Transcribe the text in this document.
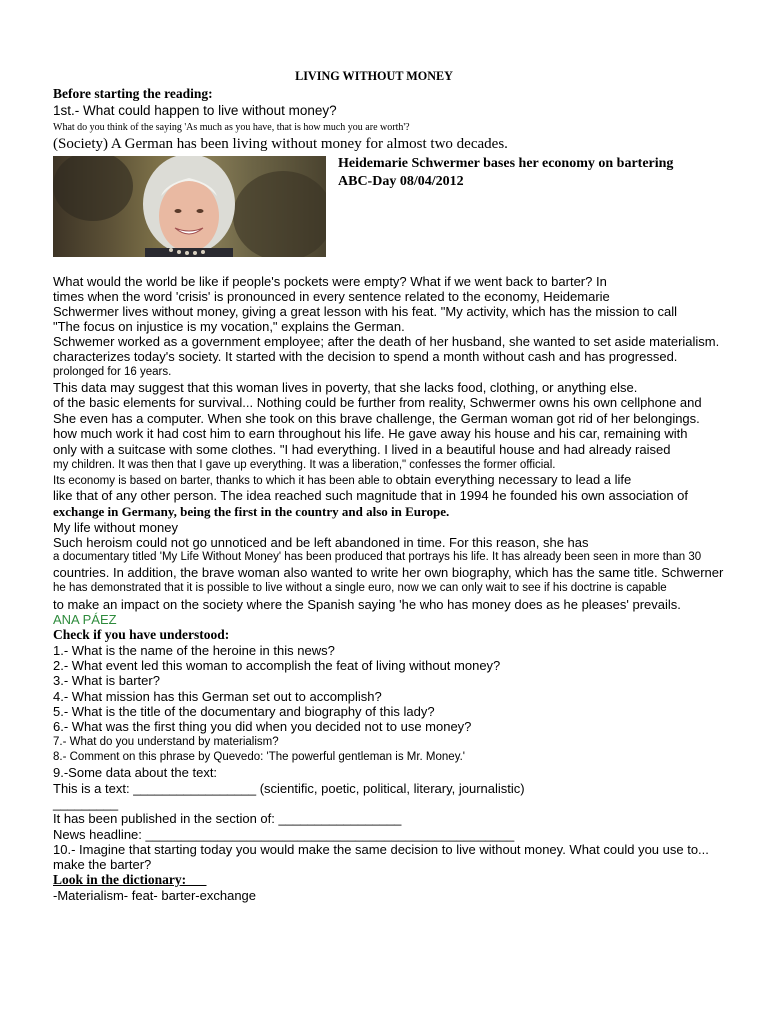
LIVING WITHOUT MONEY
Before starting the reading:
1st.- What could happen to live without money?
What do you think of the saying 'As much as you have, that is how much you are worth'?
(Society) A German has been living without money for almost two decades.
Heidemarie Schwermer bases her economy on bartering
ABC-Day 08/04/2012
What would the world be like if people's pockets were empty? What if we went back to barter? In
times when the word 'crisis' is pronounced in every sentence related to the economy, Heidemarie
Schwermer lives without money, giving a great lesson with his feat. "My activity, which has the mission to call
"The focus on injustice is my vocation," explains the German.
Schwemer worked as a government employee; after the death of her husband, she wanted to set aside materialism.
characterizes today's society. It started with the decision to spend a month without cash and has progressed.
prolonged for 16 years.
This data may suggest that this woman lives in poverty, that she lacks food, clothing, or anything else.
of the basic elements for survival... Nothing could be further from reality, Schwermer owns his own cellphone and
She even has a computer. When she took on this brave challenge, the German woman got rid of her belongings.
how much work it had cost him to earn throughout his life. He gave away his house and his car, remaining with
only with a suitcase with some clothes. "I had everything. I lived in a beautiful house and had already raised
my children. It was then that I gave up everything. It was a liberation," confesses the former official.
Its economy is based on barter, thanks to which it has been able to obtain everything necessary to lead a life
like that of any other person. The idea reached such magnitude that in 1994 he founded his own association of
exchange in Germany, being the first in the country and also in Europe.
My life without money
Such heroism could not go unnoticed and be left abandoned in time. For this reason, she has
a documentary titled 'My Life Without Money' has been produced that portrays his life. It has already been seen in more than 30
countries. In addition, the brave woman also wanted to write her own biography, which has the same title. Schwerner
he has demonstrated that it is possible to live without a single euro, now we can only wait to see if his doctrine is capable
to make an impact on the society where the Spanish saying 'he who has money does as he pleases' prevails.
ANA PÁEZ
Check if you have understood:
1.- What is the name of the heroine in this news?
2.- What event led this woman to accomplish the feat of living without money?
3.- What is barter?
4.- What mission has this German set out to accomplish?
5.- What is the title of the documentary and biography of this lady?
6.- What was the first thing you did when you decided not to use money?
7.- What do you understand by materialism?
8.- Comment on this phrase by Quevedo: 'The powerful gentleman is Mr. Money.'
9.-Some data about the text:
This is a text: _________________ (scientific, poetic, political, literary, journalistic)
_________
It has been published in the section of: _________________
News headline: ___________________________________________________
10.- Imagine that starting today you would make the same decision to live without money. What could you use to...
make the barter?
Look in the dictionary:___
-Materialism- feat- barter-exchange
